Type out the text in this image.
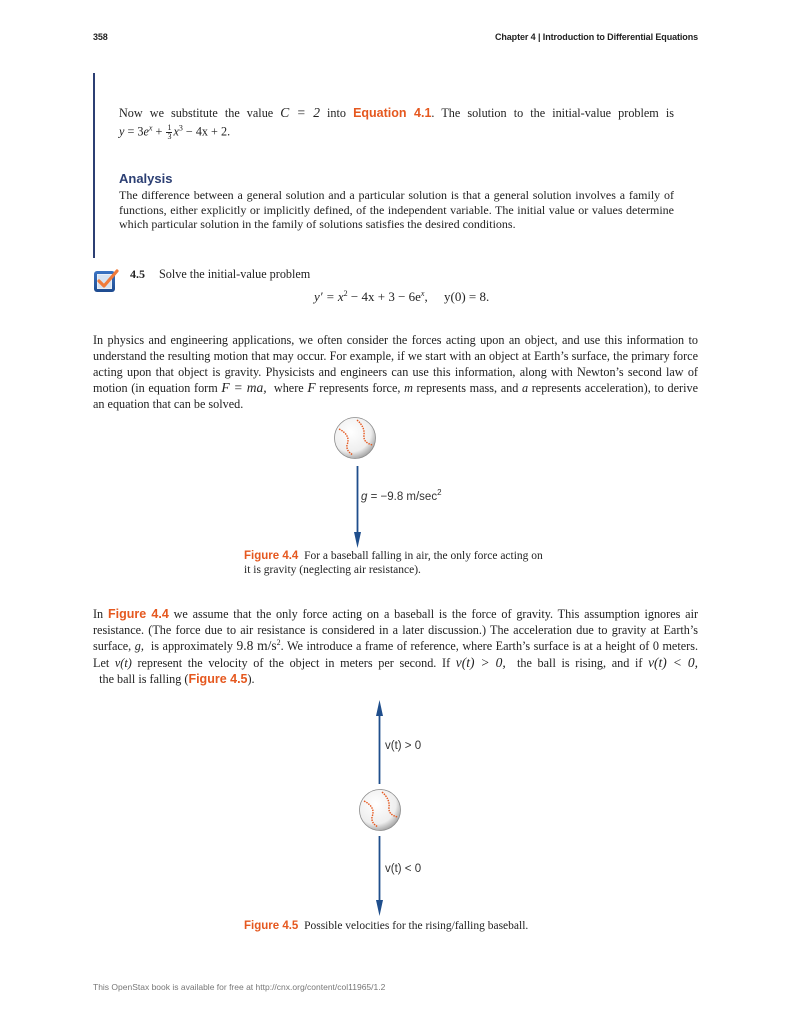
358	Chapter 4 | Introduction to Differential Equations
Now we substitute the value C = 2 into Equation 4.1. The solution to the initial-value problem is
$y = 3e^x + \frac{1}{3} x^3 - 4x + 2$.
Analysis
The difference between a general solution and a particular solution is that a general solution involves a family of functions, either explicitly or implicitly defined, of the independent variable. The initial value or values determine which particular solution in the family of solutions satisfies the desired conditions.
4.5 Solve the initial-value problem
$y' = x^2 - 4x + 3 - 6e^x$,     y(0) = 8.
In physics and engineering applications, we often consider the forces acting upon an object, and use this information to understand the resulting motion that may occur. For example, if we start with an object at Earth’s surface, the primary force acting upon that object is gravity. Physicists and engineers can use this information, along with Newton’s second law of motion (in equation form F = ma,  where F represents force, m represents mass, and a represents acceleration), to derive an equation that can be solved.
g = −9.8 $m/\sec^2$
Figure 4.4 For a baseball falling in air, the only force acting on it is gravity (neglecting air resistance).
In Figure 4.4 we assume that the only force acting on a baseball is the force of gravity. This assumption ignores air resistance. (The force due to air resistance is considered in a later discussion.) The acceleration due to gravity at Earth’s surface, g,  is approximately 9.8 $m/s^2$. We introduce a frame of reference, where Earth’s surface is at a height of 0 meters. Let v(t) represent the velocity of the object in meters per second. If v(t) > 0,  the ball is rising, and if v(t) < 0,  the ball is falling (Figure 4.5).
v(t) > 0
v(t) < 0
Figure 4.5 Possible velocities for the rising/falling baseball.
This OpenStax book is available for free at http://cnx.org/content/col11965/1.2
